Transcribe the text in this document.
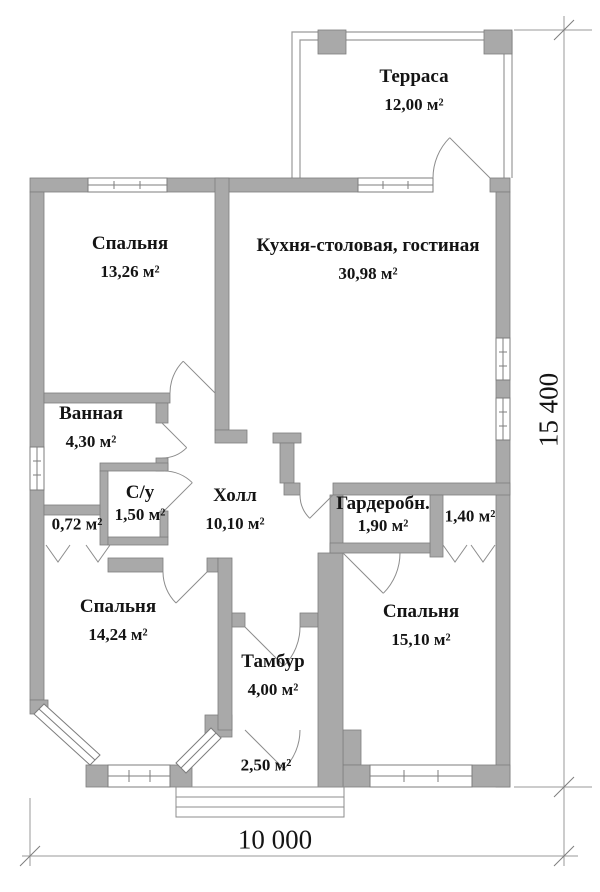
Терраса
12,00 м²
Спальня
13,26 м²
Кухня-столовая, гостиная
30,98 м²
Ванная
4,30 м²
С/у
1,50 м²
0,72 м²
Холл
10,10 м²
Гардеробн.
1,90 м²	1,40 м²
Спальня
14,24 м²
Спальня
15,10 м²
Тамбур
4,00 м²
2,50 м²
10 000
15 400
